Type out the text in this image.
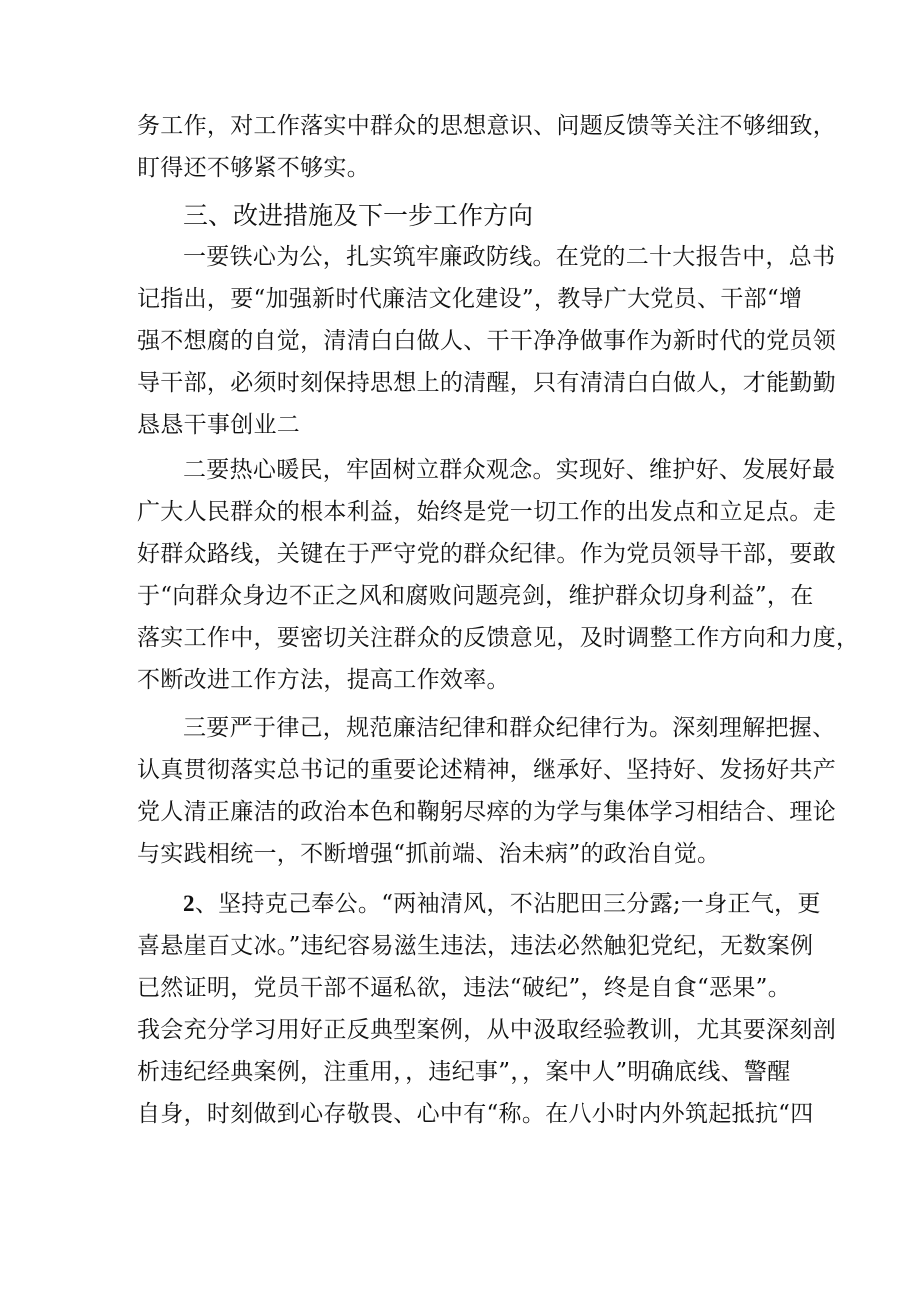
务工作，对工作落实中群众的思想意识、问题反馈等关注不够细致，
盯得还不够紧不够实。
三、改进措施及下一步工作方向
一要铁心为公，扎实筑牢廉政防线。在党的二十大报告中，总书
记指出，要“加强新时代廉洁文化建设”，教导广大党员、干部“增
强不想腐的自觉，清清白白做人、干干净净做事作为新时代的党员领
导干部，必须时刻保持思想上的清醒，只有清清白白做人，才能勤勤
恳恳干事创业二
二要热心暖民，牢固树立群众观念。实现好、维护好、发展好最
广大人民群众的根本利益，始终是党一切工作的出发点和立足点。走
好群众路线，关键在于严守党的群众纪律。作为党员领导干部，要敢
于“向群众身边不正之风和腐败问题亮剑，维护群众切身利益”，在
落实工作中，要密切关注群众的反馈意见，及时调整工作方向和力度，
不断改进工作方法，提高工作效率。
三要严于律己，规范廉洁纪律和群众纪律行为。深刻理解把握、
认真贯彻落实总书记的重要论述精神，继承好、坚持好、发扬好共产
党人清正廉洁的政治本色和鞠躬尽瘁的为学与集体学习相结合、理论
与实践相统一，不断增强“抓前端、治未病”的政治自觉。
2、坚持克己奉公。“两袖清风，不沾肥田三分露;一身正气，更
喜悬崖百丈冰。”违纪容易滋生违法，违法必然触犯党纪，无数案例
已然证明，党员干部不逼私欲，违法“破纪”，终是自食“恶果”。
我会充分学习用好正反典型案例，从中汲取经验教训，尤其要深刻剖
析违纪经典案例，注重用，，违纪事”，，案中人”明确底线、警醒
自身，时刻做到心存敬畏、心中有“称。在八小时内外筑起抵抗“四
